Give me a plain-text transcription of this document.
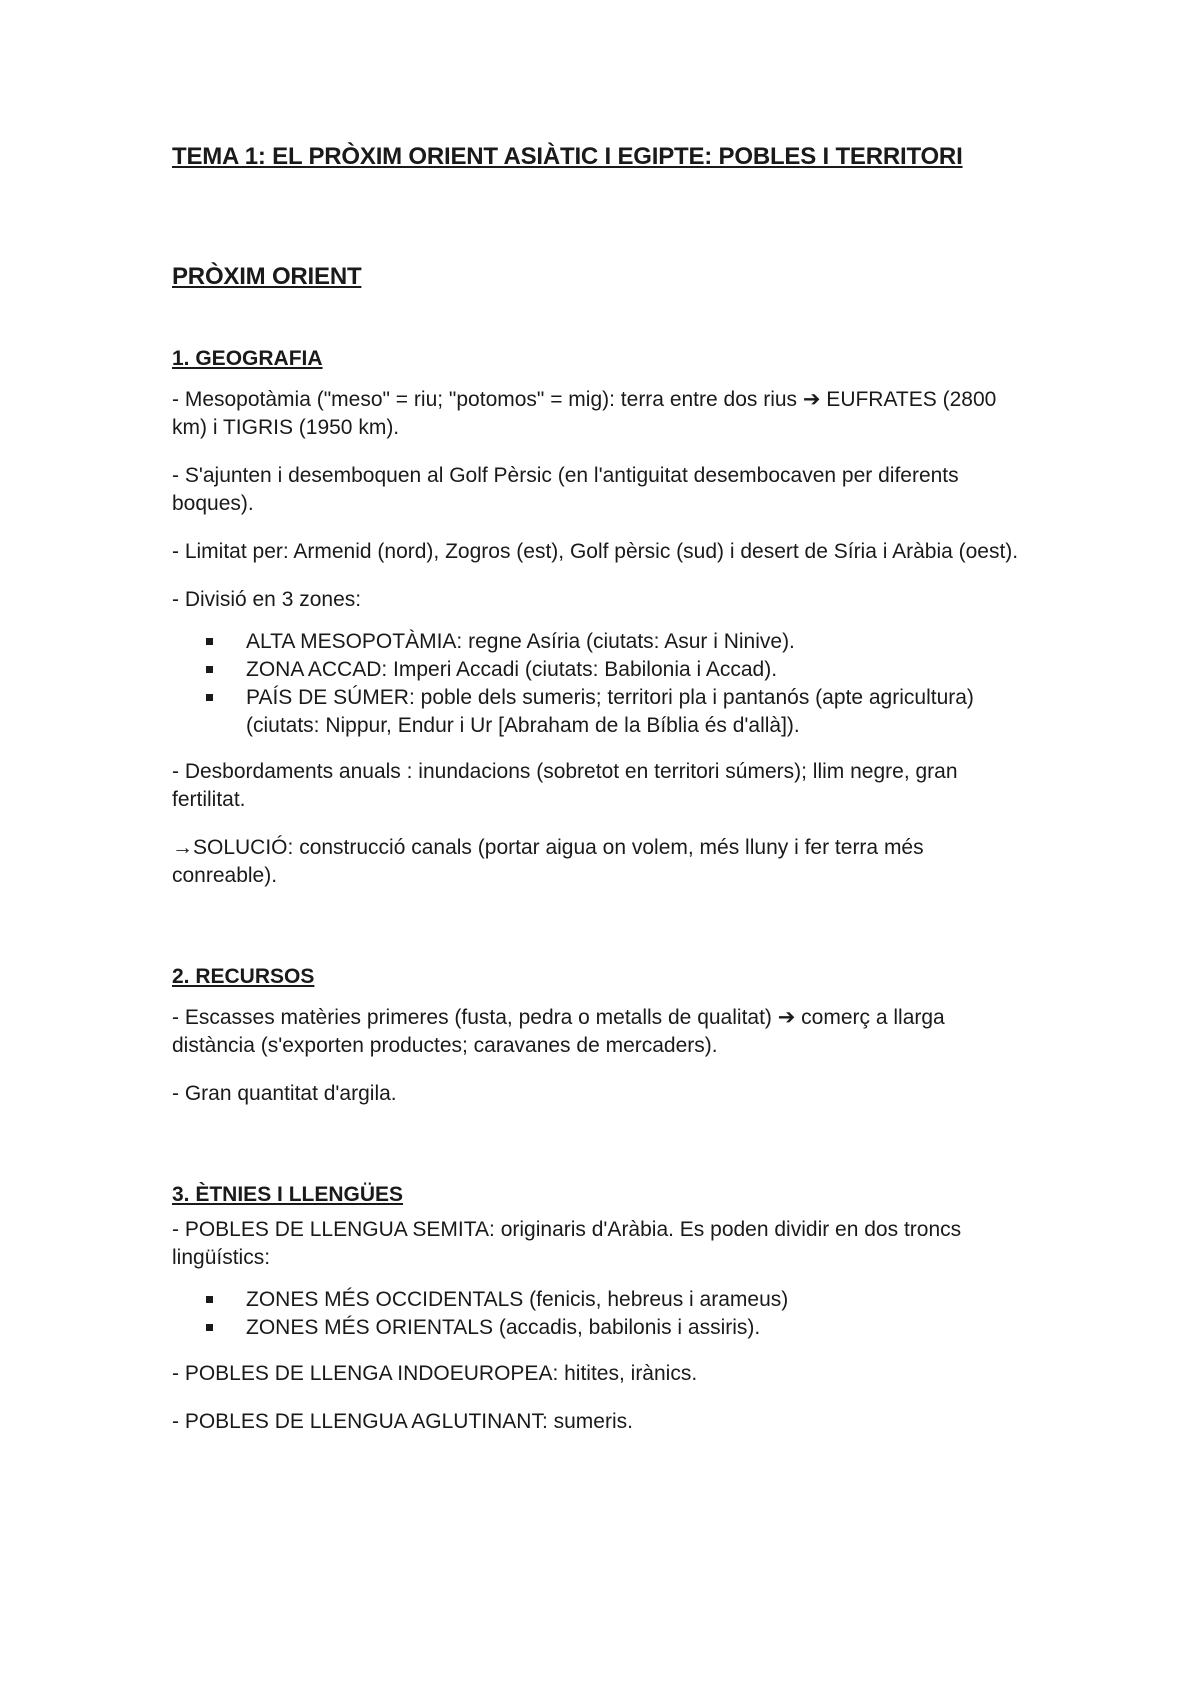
TEMA 1: EL PRÒXIM ORIENT ASIÀTIC I EGIPTE: POBLES I TERRITORI
PRÒXIM ORIENT
1. GEOGRAFIA

- Mesopotàmia ("meso" = riu; "potomos" = mig): terra entre dos rius ➔ EUFRATES (2800 km) i TIGRIS (1950 km).

- S'ajunten i desemboquen al Golf Pèrsic (en l'antiguitat desembocaven per diferents boques).

- Limitat per: Armenid (nord), Zogros (est), Golf pèrsic (sud) i desert de Síria i Aràbia (oest).

- Divisió en 3 zones:

ALTA MESOPOTÀMIA: regne Asíria (ciutats: Asur i Ninive).
ZONA ACCAD: Imperi Accadi (ciutats: Babilonia i Accad).
PAÍS DE SÚMER: poble dels sumeris; territori pla i pantanós (apte agricultura) (ciutats: Nippur, Endur i Ur [Abraham de la Bíblia és d'allà]).

- Desbordaments anuals : inundacions (sobretot en territori súmers); llim negre, gran fertilitat.

→SOLUCIÓ: construcció canals (portar aigua on volem, més lluny i fer terra més conreable).

2. RECURSOS

- Escasses matèries primeres (fusta, pedra o metalls de qualitat) ➔ comerç a llarga distància (s'exporten productes; caravanes de mercaders).

- Gran quantitat d'argila.

3. ÈTNIES I LLENGÜES

- POBLES DE LLENGUA SEMITA: originaris d'Aràbia. Es poden dividir en dos troncs lingüístics:

ZONES MÉS OCCIDENTALS (fenicis, hebreus i arameus)
ZONES MÉS ORIENTALS (accadis, babilonis i assiris).

- POBLES DE LLENGA INDOEUROPEA: hitites, irànics.

- POBLES DE LLENGUA AGLUTINANT: sumeris.
